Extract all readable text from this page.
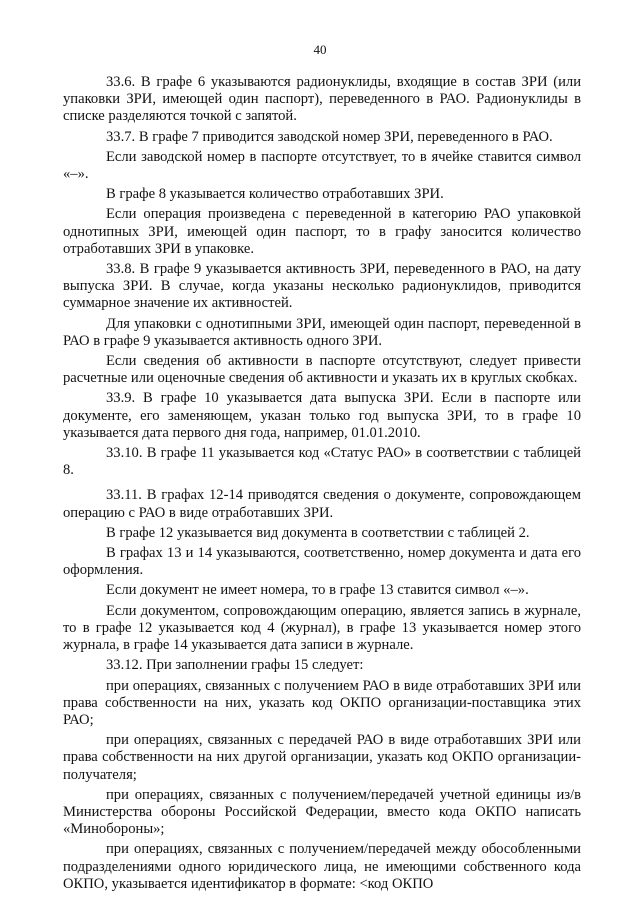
40

33.6. В графе 6 указываются радионуклиды, входящие в состав ЗРИ (или упаковки ЗРИ, имеющей один паспорт), переведенного в РАО. Радионуклиды в списке разделяются точкой с запятой.

33.7. В графе 7 приводится заводской номер ЗРИ, переведенного в РАО.

Если заводской номер в паспорте отсутствует, то в ячейке ставится символ «–».

В графе 8 указывается количество отработавших ЗРИ.

Если операция произведена с переведенной в категорию РАО упаковкой однотипных ЗРИ, имеющей один паспорт, то в графу заносится количество отработавших ЗРИ в упаковке.

33.8. В графе 9 указывается активность ЗРИ, переведенного в РАО, на дату выпуска ЗРИ. В случае, когда указаны несколько радионуклидов, приводится суммарное значение их активностей.

Для упаковки с однотипными ЗРИ, имеющей один паспорт, переведенной в РАО в графе 9 указывается активность одного ЗРИ.

Если сведения об активности в паспорте отсутствуют, следует привести расчетные или оценочные сведения об активности и указать их в круглых скобках.

33.9. В графе 10 указывается дата выпуска ЗРИ. Если в паспорте или документе, его заменяющем, указан только год выпуска ЗРИ, то в графе 10 указывается дата первого дня года, например, 01.01.2010.

33.10. В графе 11 указывается код «Статус РАО» в соответствии с таблицей 8.

33.11. В графах 12-14 приводятся сведения о документе, сопровождающем операцию с РАО в виде отработавших ЗРИ.

В графе 12 указывается вид документа в соответствии с таблицей 2.

В графах 13 и 14 указываются, соответственно, номер документа и дата его оформления.

Если документ не имеет номера, то в графе 13 ставится символ «–».

Если документом, сопровождающим операцию, является запись в журнале, то в графе 12 указывается код 4 (журнал), в графе 13 указывается номер этого журнала, в графе 14 указывается дата записи в журнале.

33.12. При заполнении графы 15 следует:

при операциях, связанных с получением РАО в виде отработавших ЗРИ или права собственности на них, указать код ОКПО организации-поставщика этих РАО;

при операциях, связанных с передачей РАО в виде отработавших ЗРИ или права собственности на них другой организации, указать код ОКПО организации-получателя;

при операциях, связанных с получением/передачей учетной единицы из/в Министерства обороны Российской Федерации, вместо кода ОКПО написать «Минобороны»;

при операциях, связанных с получением/передачей между обособленными подразделениями одного юридического лица, не имеющими собственного кода ОКПО, указывается идентификатор в формате: <код ОКПО
